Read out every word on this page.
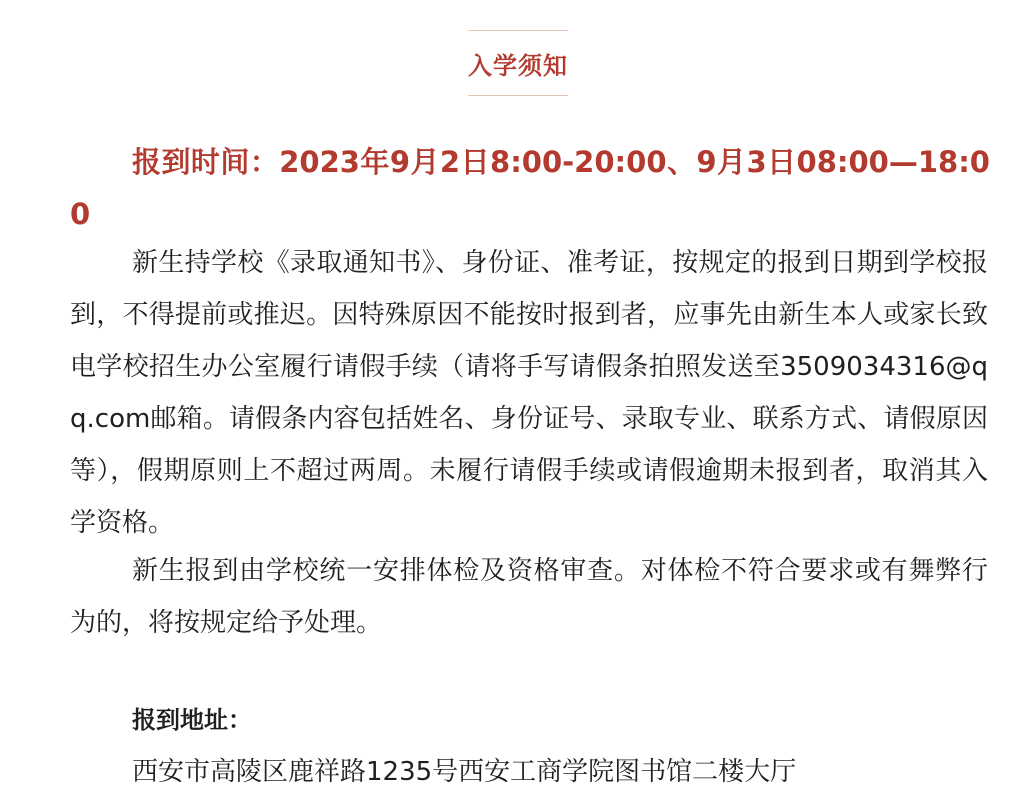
入学须知
报到时间：2023年9月2日8:00-20:00、9月3日08:00—18:00
新生持学校《录取通知书》、身份证、准考证，按规定的报到日期到学校报到，不得提前或推迟。因特殊原因不能按时报到者，应事先由新生本人或家长致电学校招生办公室履行请假手续（请将手写请假条拍照发送至3509034316@qq.com邮箱。请假条内容包括姓名、身份证号、录取专业、联系方式、请假原因等），假期原则上不超过两周。未履行请假手续或请假逾期未报到者，取消其入学资格。
新生报到由学校统一安排体检及资格审查。对体检不符合要求或有舞弊行为的，将按规定给予处理。
报到地址：
西安市高陵区鹿祥路1235号西安工商学院图书馆二楼大厅
